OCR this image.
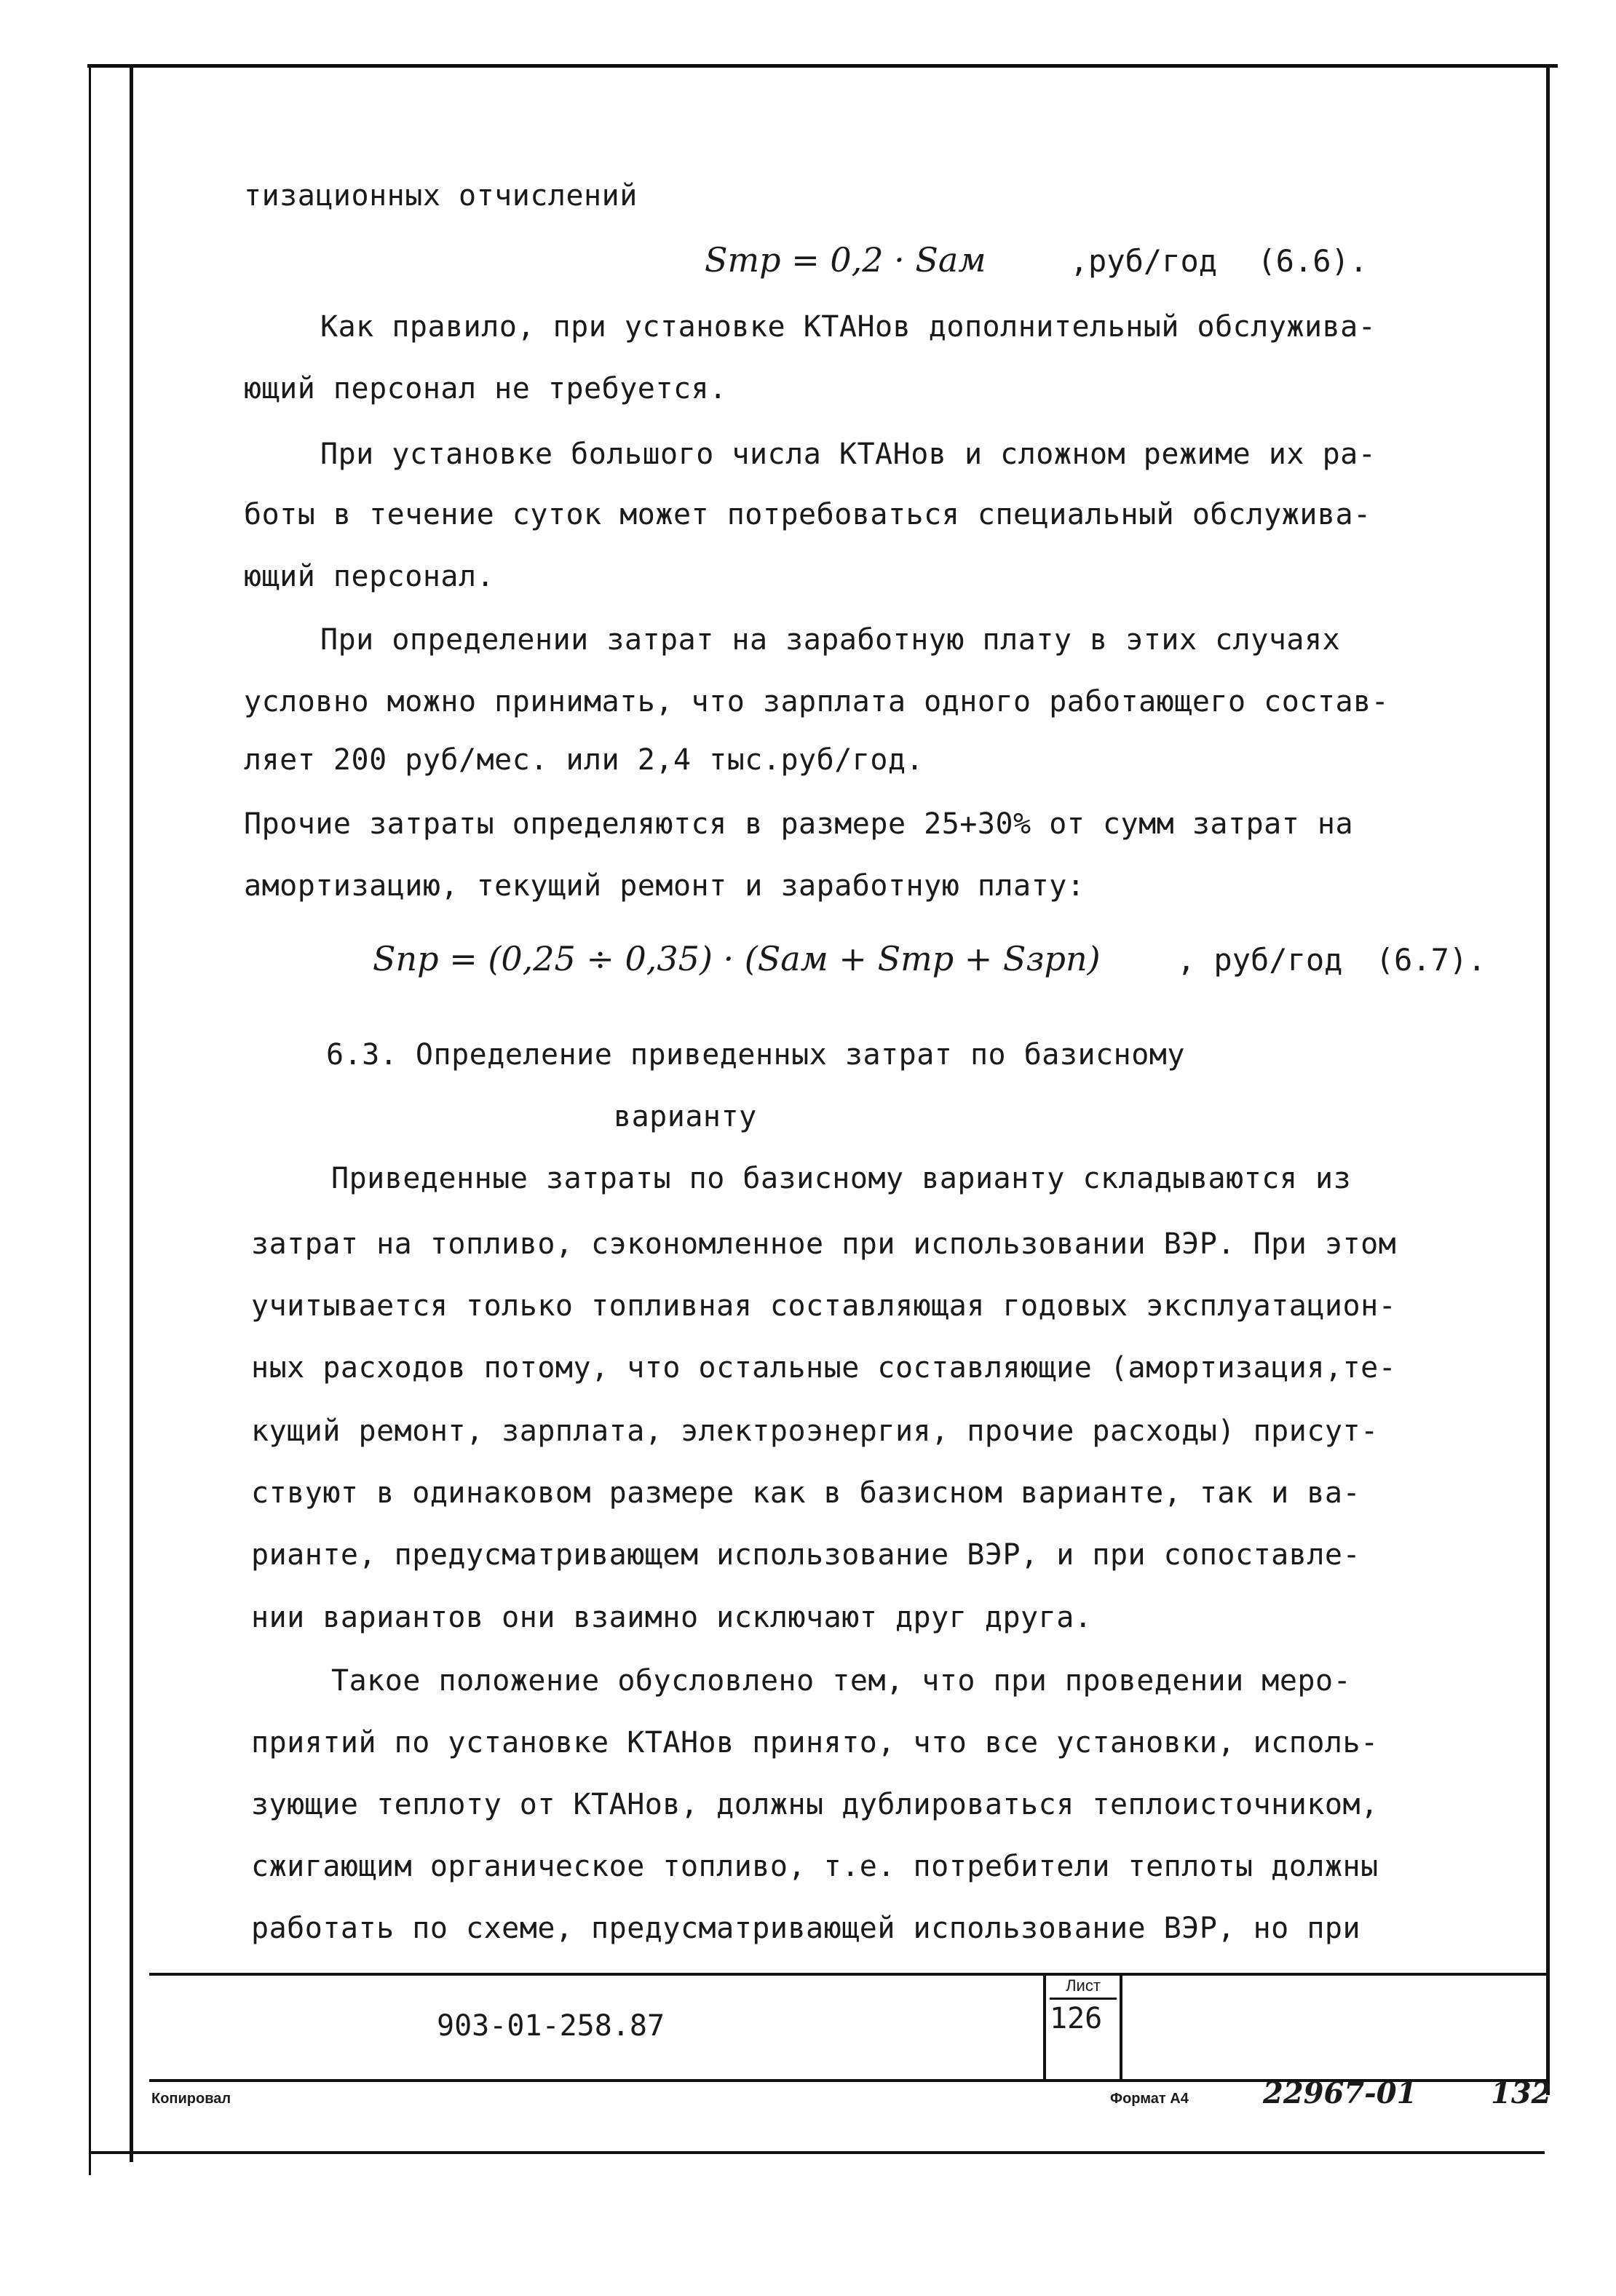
тизационных отчислений
Sтр = 0,2 · Sам	,руб/год (6.6).
Как правило, при установке КТАНов дополнительный обслужива-
ющий персонал не требуется.
При установке большого числа КТАНов и сложном режиме их ра-
боты в течение суток может потребоваться специальный обслужива-
ющий персонал.
При определении затрат на заработную плату в этих случаях
условно можно принимать, что зарплата одного работающего состав-
ляет 200 руб/мес. или 2,4 тыс.руб/год.
Прочие затраты определяются в размере 25+30% от сумм затрат на
амортизацию, текущий ремонт и заработную плату:
Sпр = (0,25 ÷ 0,35) · (Sам + Sтр + Sзрп)	, руб/год (6.7).
6.3. Определение приведенных затрат по базисному
варианту
Приведенные затраты по базисному варианту складываются из
затрат на топливо, сэкономленное при использовании ВЭР. При этом
учитывается только топливная составляющая годовых эксплуатацион-
ных расходов потому, что остальные составляющие (амортизация,те-
кущий ремонт, зарплата, электроэнергия, прочие расходы) присут-
ствуют в одинаковом размере как в базисном варианте, так и ва-
рианте, предусматривающем использование ВЭР, и при сопоставле-
нии вариантов они взаимно исключают друг друга.
Такое положение обусловлено тем, что при проведении меро-
приятий по установке КТАНов принято, что все установки, исполь-
зующие теплоту от КТАНов, должны дублироваться теплоисточником,
сжигающим органическое топливо, т.е. потребители теплоты должны
работать по схеме, предусматривающей использование ВЭР, но при
903-01-258.87
Лист
126
Копировал	Формат А4	22967-01	132
